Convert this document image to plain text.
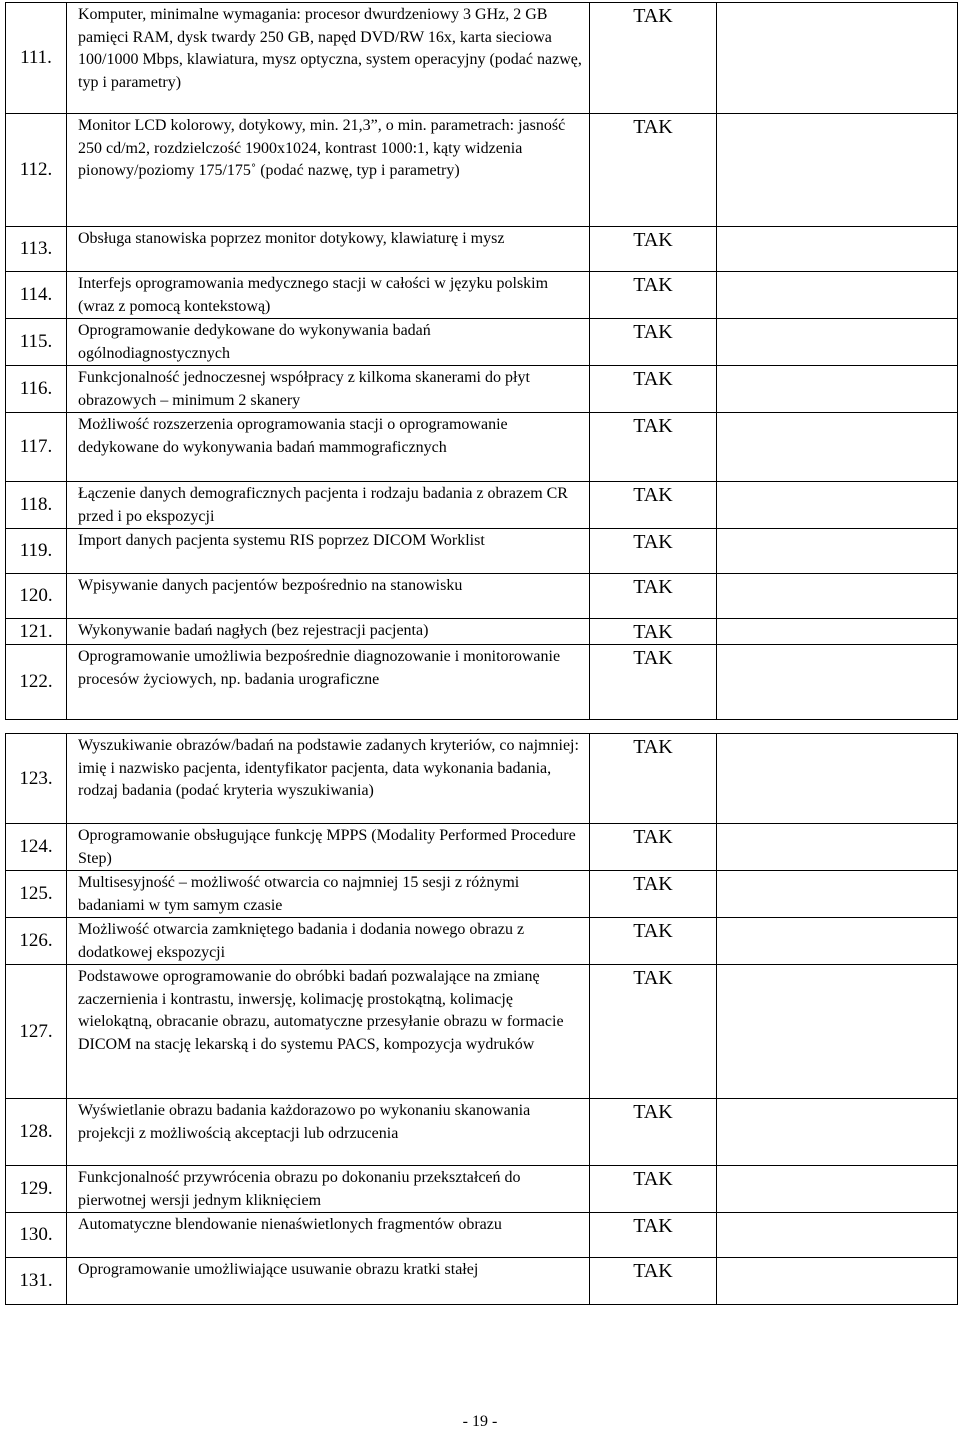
111.	Komputer, minimalne wymagania: procesor dwurdzeniowy 3 GHz, 2 GB pamięci RAM, dysk twardy 250 GB, napęd DVD/RW 16x, karta sieciowa 100/1000 Mbps, klawiatura, mysz optyczna, system operacyjny (podać nazwę, typ i parametry)	TAK	
112.	Monitor LCD kolorowy, dotykowy, min. 21,3”, o min. parametrach: jasność 250 cd/m2, rozdzielczość 1900x1024, kontrast 1000:1, kąty widzenia pionowy/poziomy 175/175˚ (podać nazwę, typ i parametry)	TAK	
113.	Obsługa stanowiska poprzez monitor dotykowy, klawiaturę i mysz	TAK	
114.	Interfejs oprogramowania medycznego stacji w całości w języku polskim (wraz z pomocą kontekstową)	TAK	
115.	Oprogramowanie dedykowane do wykonywania badań ogólnodiagnostycznych	TAK	
116.	Funkcjonalność jednoczesnej współpracy z kilkoma skanerami do płyt obrazowych – minimum 2 skanery	TAK	
117.	Możliwość rozszerzenia oprogramowania stacji o oprogramowanie dedykowane do wykonywania badań mammograficznych	TAK	
118.	Łączenie danych demograficznych pacjenta i rodzaju badania z obrazem CR przed i po ekspozycji	TAK	
119.	Import danych pacjenta systemu RIS poprzez DICOM Worklist	TAK	
120.	Wpisywanie danych pacjentów bezpośrednio na stanowisku	TAK	
121.	Wykonywanie badań nagłych (bez rejestracji pacjenta)	TAK	
122.	Oprogramowanie umożliwia bezpośrednie diagnozowanie i monitorowanie procesów życiowych, np. badania urograficzne	TAK	
123.	Wyszukiwanie obrazów/badań na podstawie zadanych kryteriów, co najmniej: imię i nazwisko pacjenta, identyfikator pacjenta, data wykonania badania, rodzaj badania (podać kryteria wyszukiwania)	TAK	
124.	Oprogramowanie obsługujące funkcję MPPS (Modality Performed Procedure Step)	TAK	
125.	Multisesyjność – możliwość otwarcia co najmniej 15 sesji z różnymi badaniami w tym samym czasie	TAK	
126.	Możliwość otwarcia zamkniętego badania i dodania nowego obrazu z dodatkowej ekspozycji	TAK	
127.	Podstawowe oprogramowanie do obróbki badań pozwalające na zmianę zaczernienia i kontrastu, inwersję, kolimację prostokątną, kolimację wielokątną, obracanie obrazu, automatyczne przesyłanie obrazu w formacie DICOM na stację lekarską i do systemu PACS, kompozycja wydruków	TAK	
128.	Wyświetlanie obrazu badania każdorazowo po wykonaniu skanowania projekcji z możliwością akceptacji lub odrzucenia	TAK	
129.	Funkcjonalność przywrócenia obrazu po dokonaniu przekształceń do pierwotnej wersji jednym kliknięciem	TAK	
130.	Automatyczne blendowanie nienaświetlonych fragmentów obrazu	TAK	
131.	Oprogramowanie umożliwiające usuwanie obrazu kratki stałej	TAK	
- 19 -
